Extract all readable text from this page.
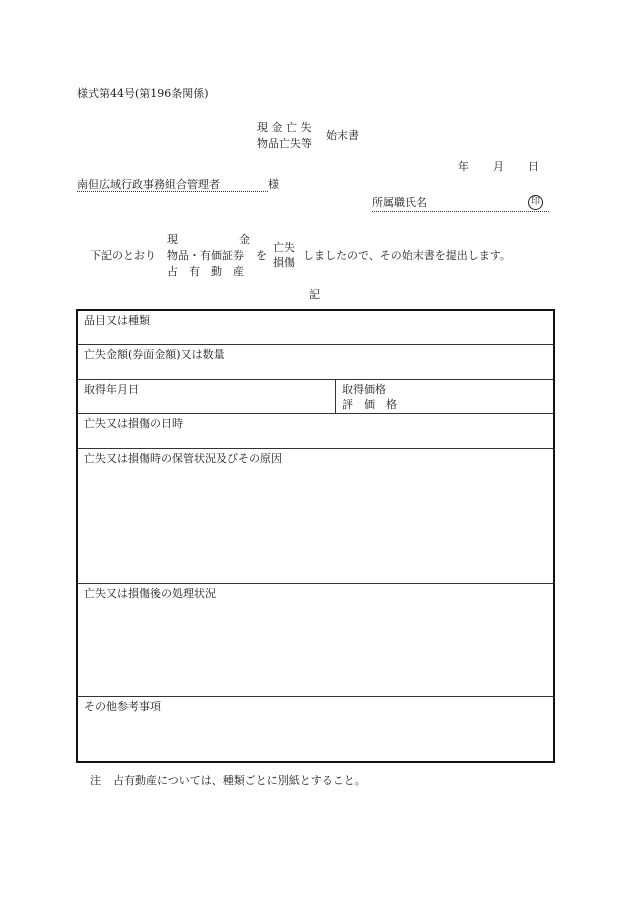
様式第44号(第196条関係)
現 金 亡 失
物品亡失等
始末書
年 月 日
南但広域行政事務組合管理者	様
所属職氏名	印
下記のとおり
現	金
物品・有価証券
占　有　動　産
を
亡失
損傷
しましたので、その始末書を提出します。
記
品目又は種類
亡失金額(券面金額)又は数量
取得年月日	取得価格
評　価　格
亡失又は損傷の日時
亡失又は損傷時の保管状況及びその原因
亡失又は損傷後の処理状況
その他参考事項
注 占有動産については、種類ごとに別紙とすること。
